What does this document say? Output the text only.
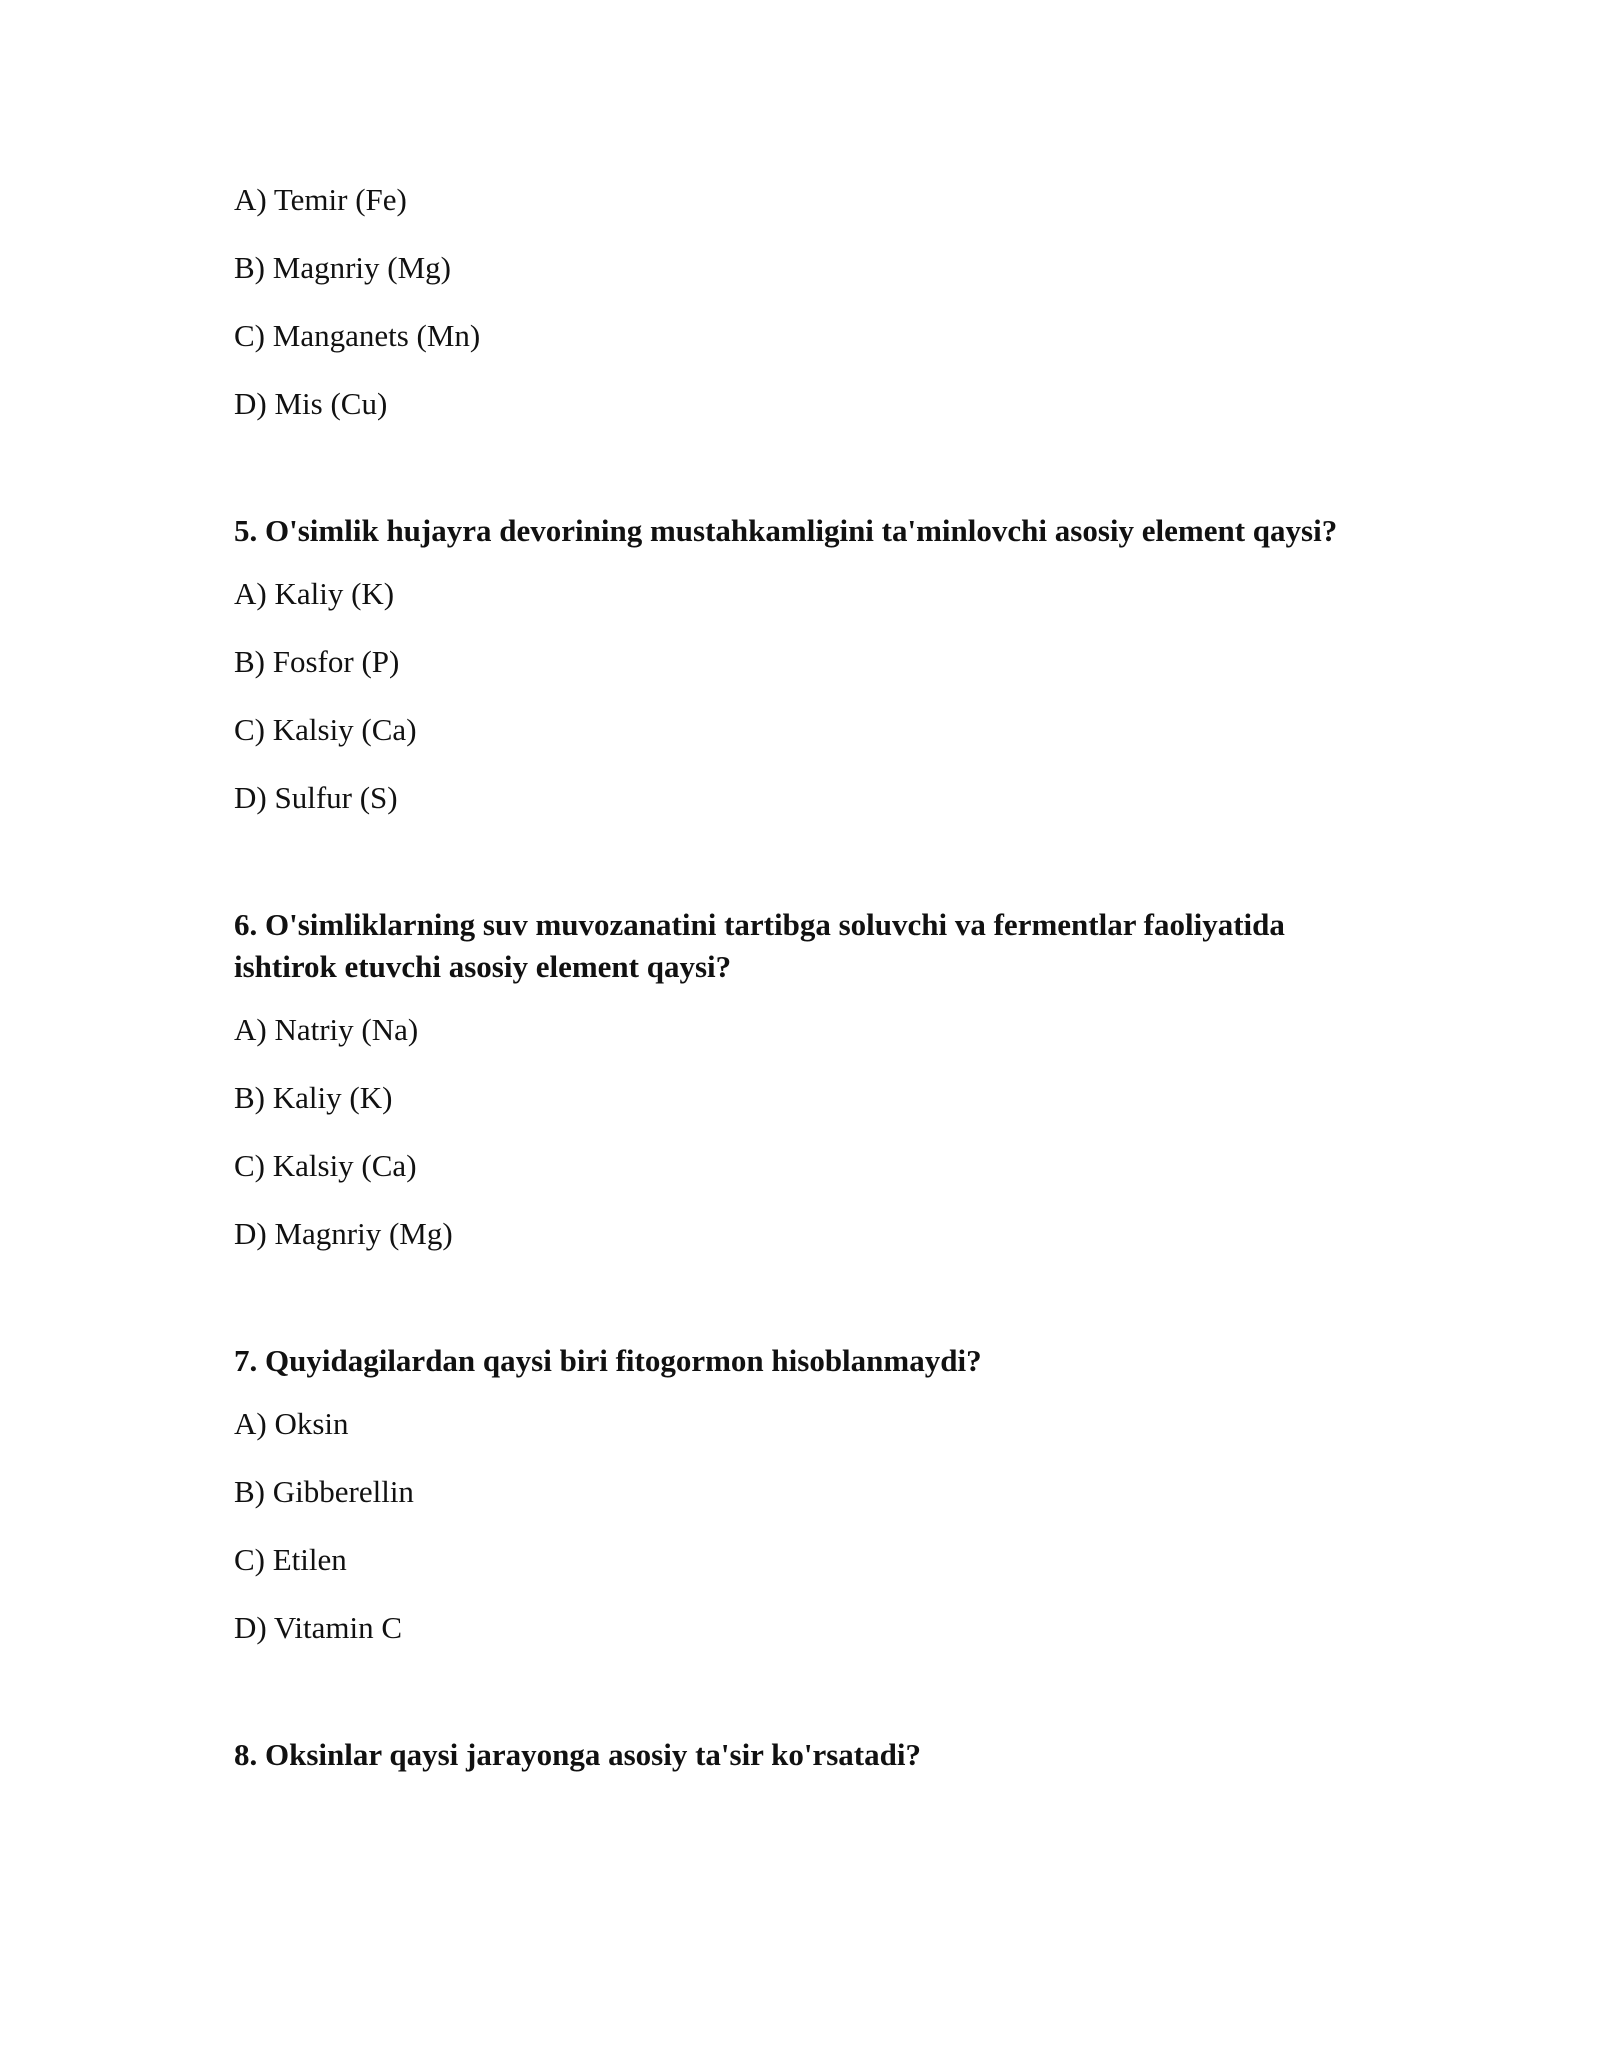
A) Temir (Fe)
B) Magnriy (Mg)
C) Manganets (Mn)
D) Mis (Cu)
5. O'simlik hujayra devorining mustahkamligini ta'minlovchi asosiy element qaysi?
A) Kaliy (K)
B) Fosfor (P)
C) Kalsiy (Ca)
D) Sulfur (S)
6. O'simliklarning suv muvozanatini tartibga soluvchi va fermentlar faoliyatida ishtirok etuvchi asosiy element qaysi?
A) Natriy (Na)
B) Kaliy (K)
C) Kalsiy (Ca)
D) Magnriy (Mg)
7. Quyidagilardan qaysi biri fitogormon hisoblanmaydi?
A) Oksin
B) Gibberellin
C) Etilen
D) Vitamin C
8. Oksinlar qaysi jarayonga asosiy ta'sir ko'rsatadi?
